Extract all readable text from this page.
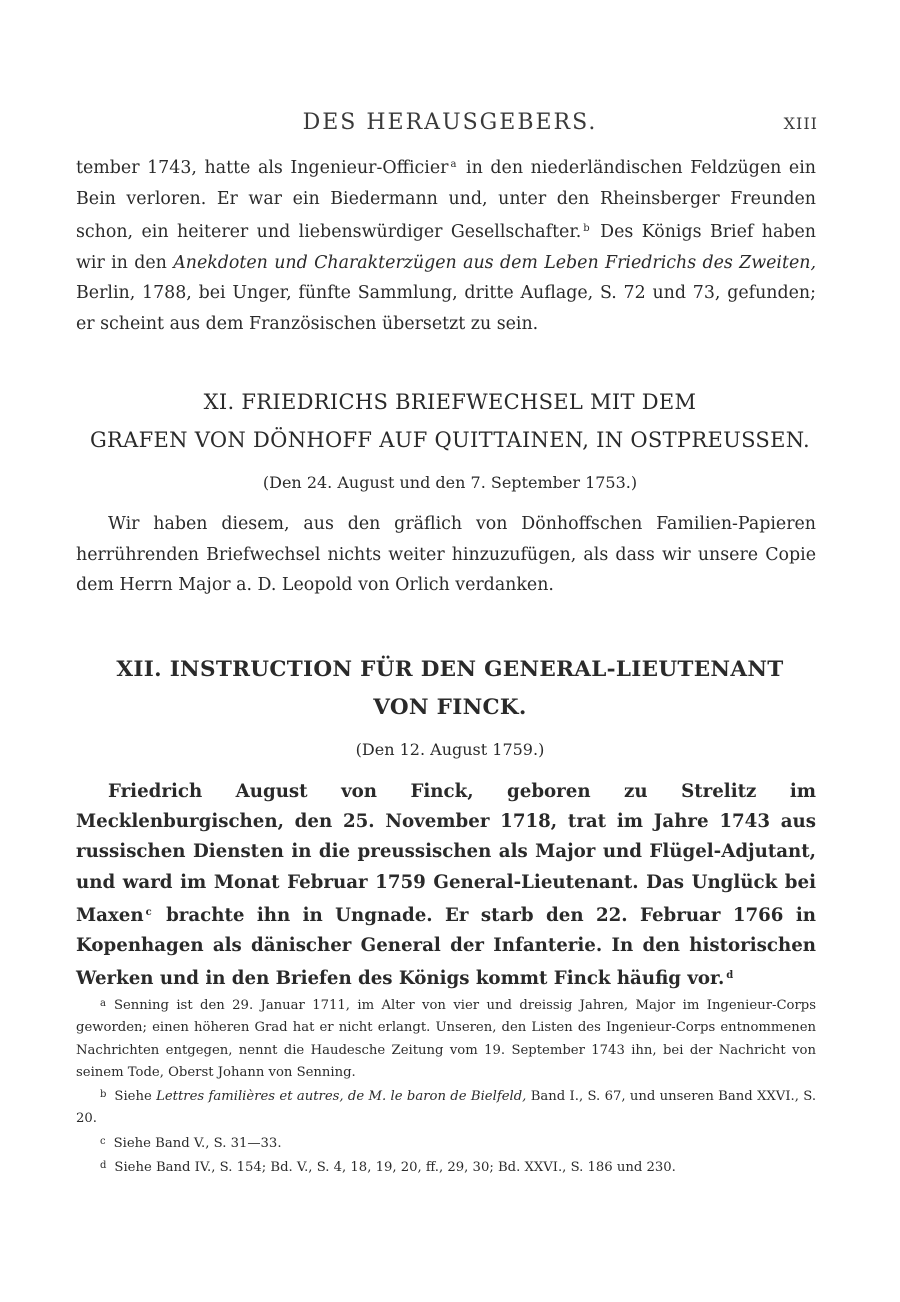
DES HERAUSGEBERS.	XIII

tember 1743, hatte als Ingenieur-Officier $^a$ in den niederländischen Feldzügen ein Bein verloren. Er war ein Biedermann und, unter den Rheinsberger Freunden schon, ein heiterer und liebenswürdiger Gesellschafter. $^b$ Des Königs Brief haben wir in den Anekdoten und Charakterzügen aus dem Leben Friedrichs des Zweiten, Berlin, 1788, bei Unger, fünfte Sammlung, dritte Auflage, S. 72 und 73, gefunden; er scheint aus dem Französischen übersetzt zu sein.

XI. FRIEDRICHS BRIEFWECHSEL MIT DEM
GRAFEN VON DÖNHOFF AUF QUITTAINEN, IN OSTPREUSSEN.
(Den 24. August und den 7. September 1753.)

Wir haben diesem, aus den gräflich von Dönhoffschen Familien-Papieren herrührenden Briefwechsel nichts weiter hinzuzufügen, als dass wir unsere Copie dem Herrn Major a. D. Leopold von Orlich verdanken.

XII. INSTRUCTION FÜR DEN GENERAL-LIEUTENANT
VON FINCK.
(Den 12. August 1759.)

Friedrich August von Finck, geboren zu Strelitz im Mecklenburgischen, den 25. November 1718, trat im Jahre 1743 aus russischen Diensten in die preussischen als Major und Flügel-Adjutant, und ward im Monat Februar 1759 General-Lieutenant. Das Unglück bei Maxen $^c$ brachte ihn in Ungnade. Er starb den 22. Februar 1766 in Kopenhagen als dänischer General der Infanterie. In den historischen Werken und in den Briefen des Königs kommt Finck häufig vor. $^d$

$^a$ Senning ist den 29. Januar 1711, im Alter von vier und dreissig Jahren, Major im Ingenieur-Corps geworden; einen höheren Grad hat er nicht erlangt. Unseren, den Listen des Ingenieur-Corps entnommenen Nachrichten entgegen, nennt die Haudesche Zeitung vom 19. September 1743 ihn, bei der Nachricht von seinem Tode, Oberst Johann von Senning.

$^b$ Siehe Lettres familières et autres, de M. le baron de Bielfeld, Band I., S. 67, und unseren Band XXVI., S. 20.

$^c$ Siehe Band V., S. 31—33.

$^d$ Siehe Band IV., S. 154; Bd. V., S. 4, 18, 19, 20, ff., 29, 30; Bd. XXVI., S. 186 und 230.
